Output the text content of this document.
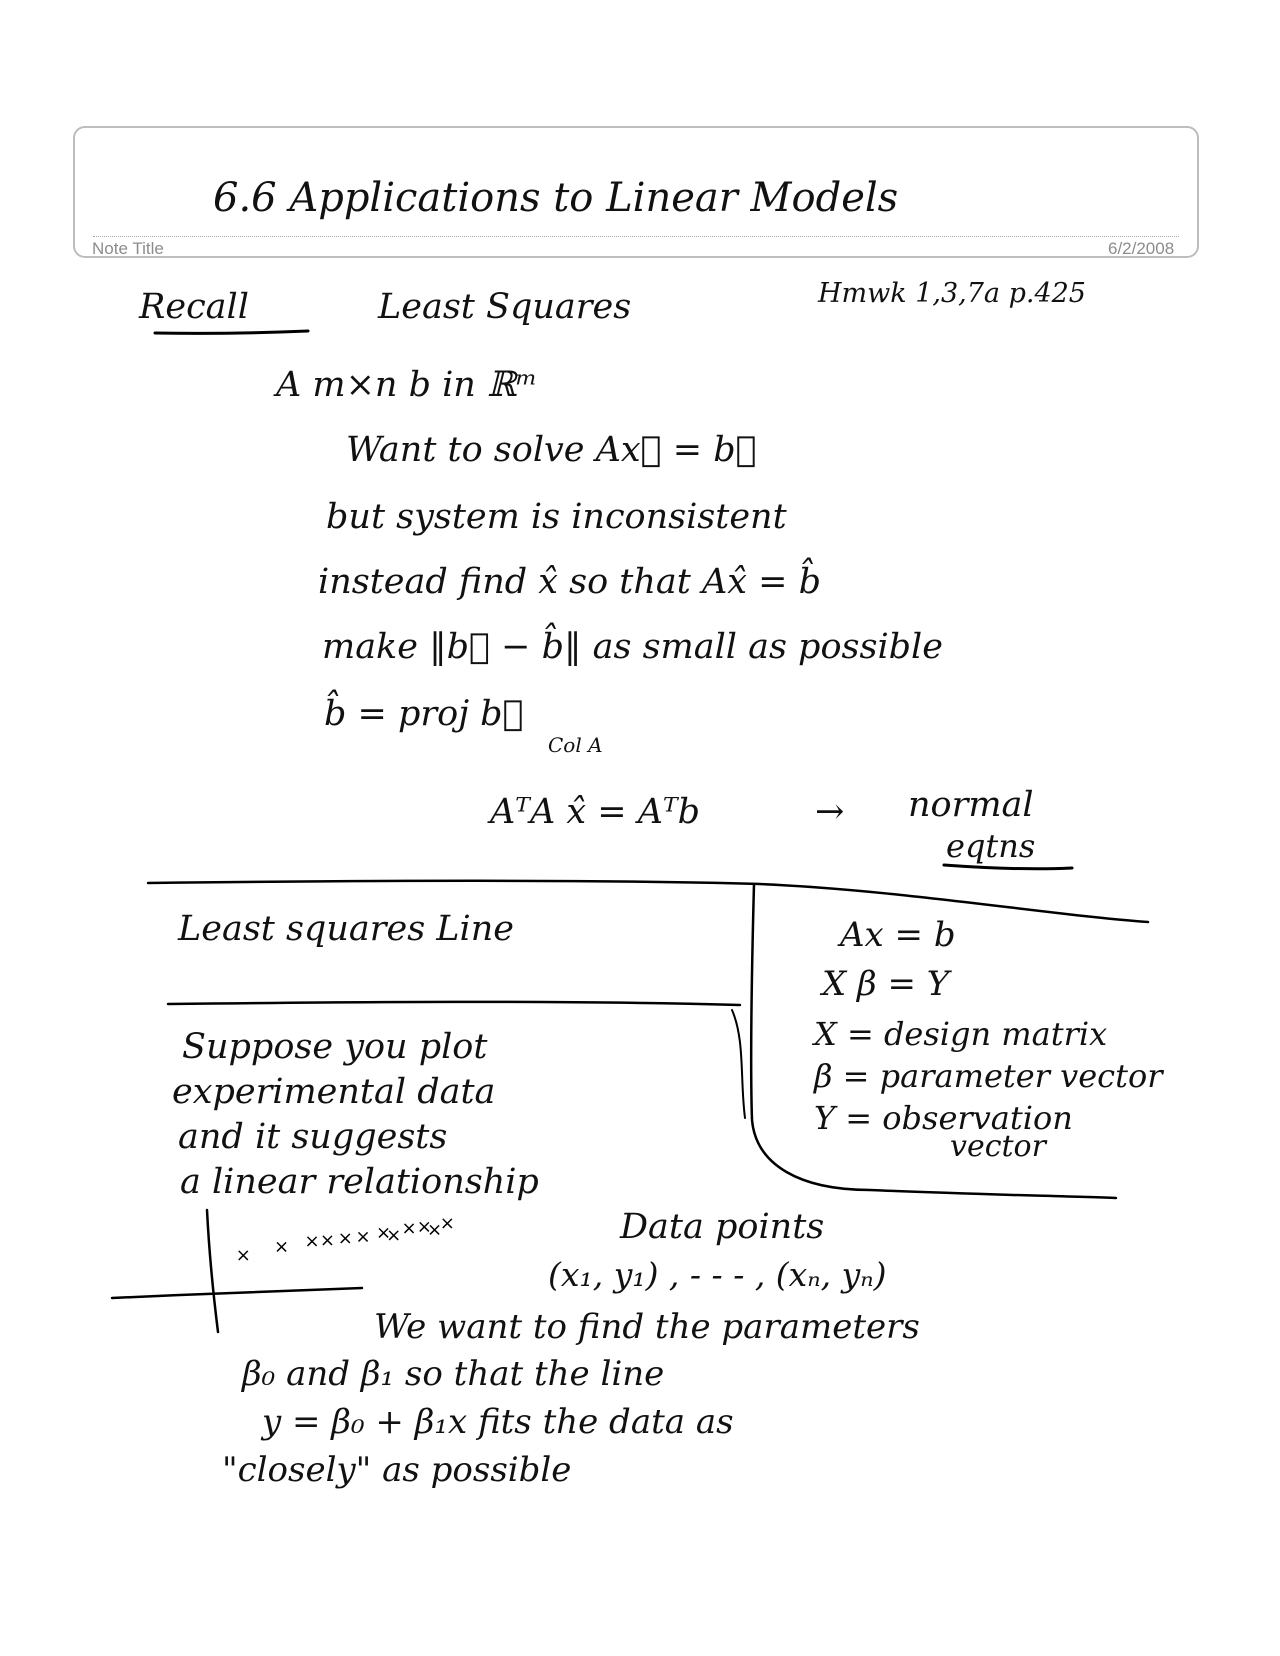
6.6 Applications to Linear Models
Note Title	6/2/2008
Recall	Least Squares	Hmwk 1,3,7a p.425
A m×n b in ℝᵐ
Want to solve Ax⃗ = b⃗
but system is inconsistent
instead find x̂ so that Ax̂ = b̂
make ‖b⃗ − b̂‖ as small as possible
b̂ = proj b⃗
Col A
AᵀA x̂ = Aᵀb	→ normal
eqtns
Least squares Line
Suppose you plot
experimental data
and it suggests
a linear relationship
Ax = b
X β = Y
X = design matrix
β = parameter vector
Y = observation
vector
Data points
(x₁, y₁) , - - - , (xₙ, yₙ)
We want to find the parameters
β₀ and β₁ so that the line
y = β₀ + β₁x fits the data as
"closely" as possible
× × × × × × ×
× × ×
×
×
